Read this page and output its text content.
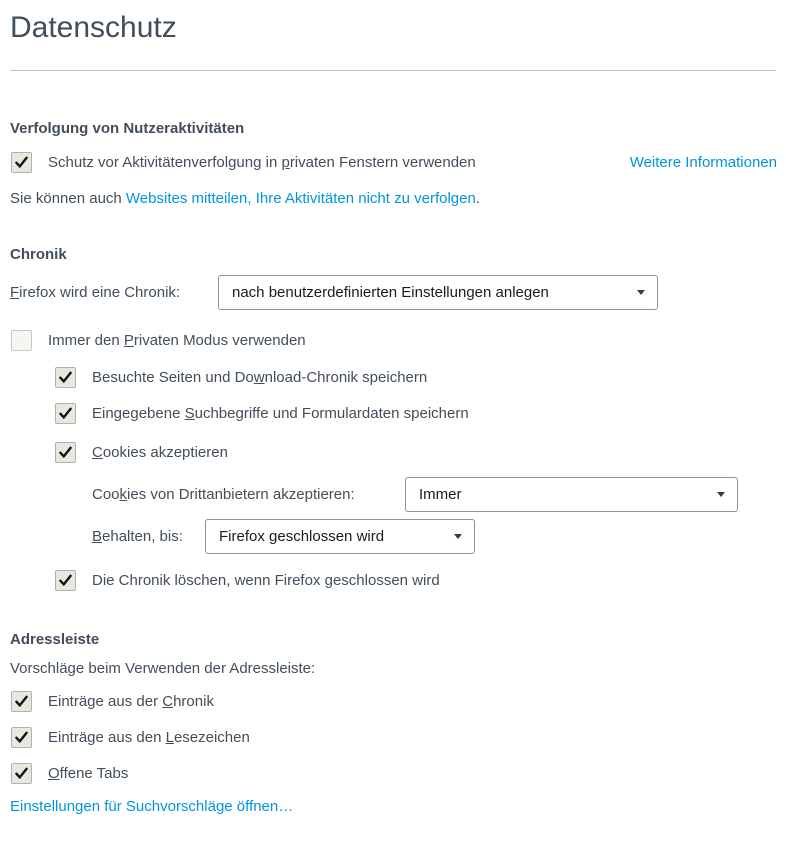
Datenschutz
Verfolgung von Nutzeraktivitäten
Schutz vor Aktivitätenverfolgung in privaten Fenstern verwenden	Weitere Informationen
Sie können auch Websites mitteilen, Ihre Aktivitäten nicht zu verfolgen.
Chronik
Firefox wird eine Chronik:	nach benutzerdefinierten Einstellungen anlegen
Immer den Privaten Modus verwenden
Besuchte Seiten und Download-Chronik speichern
Eingegebene Suchbegriffe und Formulardaten speichern
Cookies akzeptieren
Cookies von Drittanbietern akzeptieren:	Immer
Behalten, bis: Firefox geschlossen wird
Die Chronik löschen, wenn Firefox geschlossen wird
Adressleiste
Vorschläge beim Verwenden der Adressleiste:
Einträge aus der Chronik
Einträge aus den Lesezeichen
Offene Tabs
Einstellungen für Suchvorschläge öffnen…
